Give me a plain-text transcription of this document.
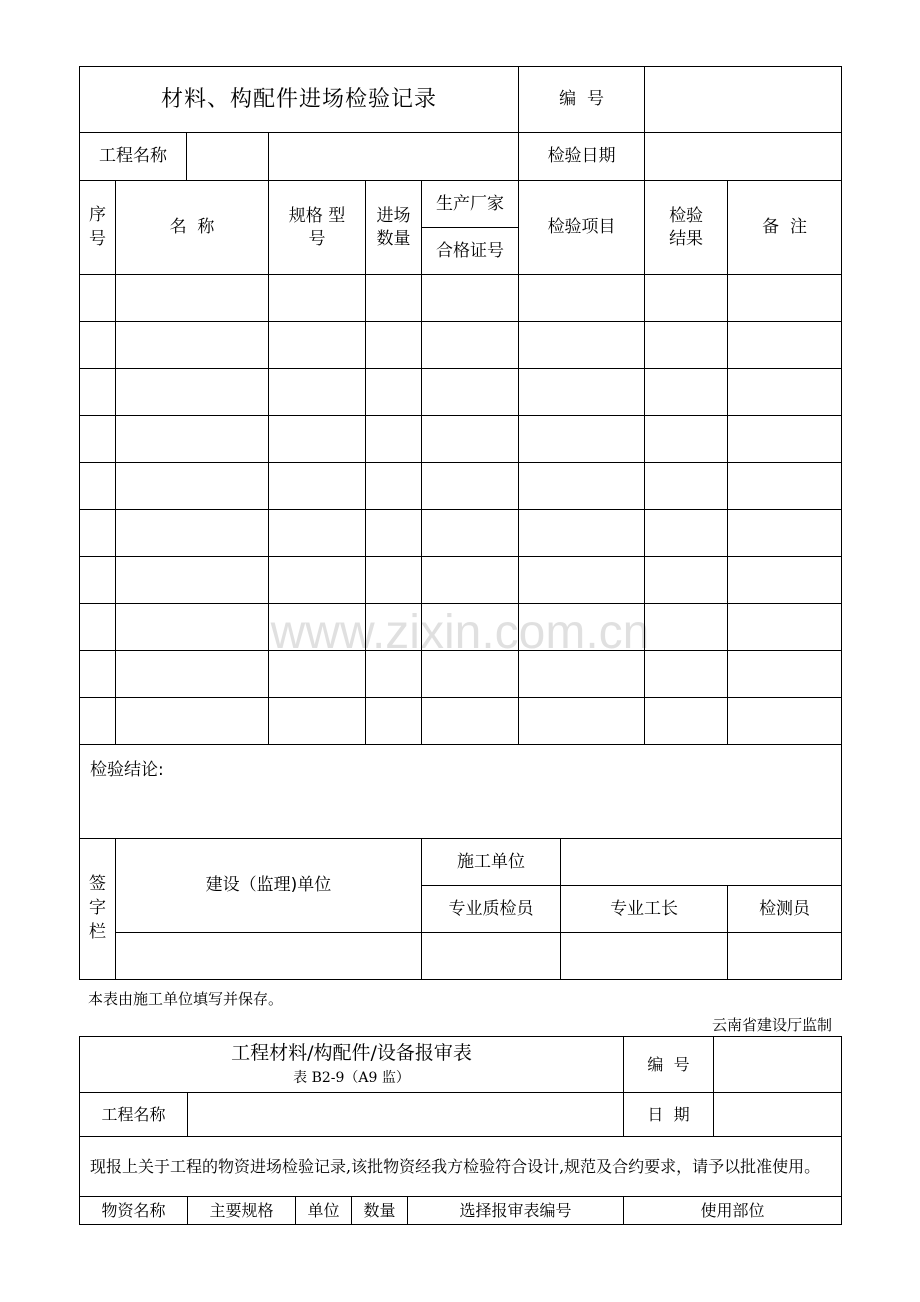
材料、构配件进场检验记录					编  号			

工程名称					检验日期			
序号	名  称	规格 型号	进场数量	生产厂家	检验项目		检验结果	备  注
				合格证号				

检验结论:								
签字栏	建设（监理)单位			施工单位				
				专业质检员		专业工长		检测员

www.zixin.com.cn
本表由施工单位填写并保存。
云南省建设厅监制
工程材料/构配件/设备报审表
表 B2-9（A9 监）					编  号	
工程名称					日  期	
现报上关于工程的物资进场检验记录,该批物资经我方检验符合设计,规范及合约要求，请予以批准使用。						
物资名称	主要规格	单位	数量	选择报审表编号	使用部位	
